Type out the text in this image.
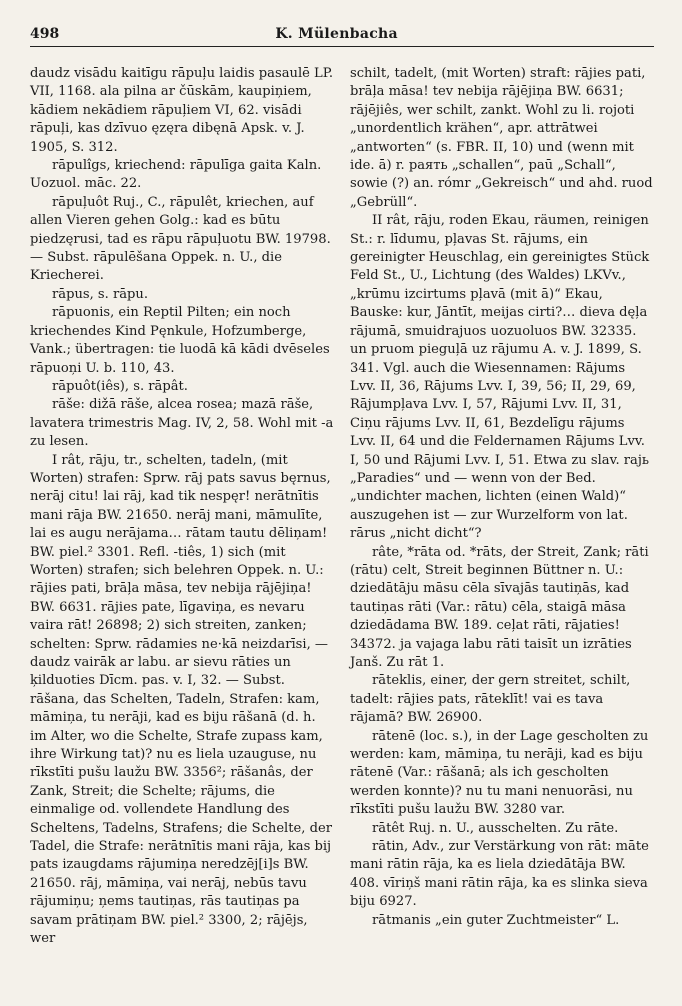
498	K. Mülenbacha

daudz visādu kaitīgu rāpuļu laidis pasaulē LP. VII, 1168. ala pilna ar čūskām, kaupiņiem, kādiem nekādiem rāpuļiem VI, 62. visādi rāpuļi, kas dzīvuo ęzęra dibęnā Apsk. v. J. 1905, S. 312.

rāpulîgs, kriechend: rāpulīga gaita Kaln. Uozuol. māc. 22.

rāpuļuôt Ruj., C., rāpulêt, kriechen, auf allen Vieren gehen Golg.: kad es būtu piedzęrusi, tad es rāpu rāpuļuotu BW. 19798. — Subst. rāpulēšana Oppek. n. U., die Kriecherei.

rāpus, s. rāpu.

rāpuonis, ein Reptil Pilten; ein noch kriechendes Kind Pęnkule, Hofzumberge, Vank.; übertragen: tie luodā kā kādi dvēseles rāpuoņi U. b. 110, 43.

rāpuôt(iês), s. rāpât.

rāše: dižā rāše, alcea rosea; mazā rāše, lavatera trimestris Mag. IV, 2, 58. Wohl mit -a zu lesen.

I rât, rāju, tr., schelten, tadeln, (mit Worten) strafen: Sprw. rāj pats savus bęrnus, nerāj citu! lai rāj, kad tik nespęr! nerātnītis mani rāja BW. 21650. nerāj mani, māmulīte, lai es augu nerājama… rātam tautu dēliņam! BW. piel.² 3301. Refl. -tiês, 1) sich (mit Worten) strafen; sich belehren Oppek. n. U.: rājies pati, brāļa māsa, tev nebija rājējiņa! BW. 6631. rājies pate, līgaviņa, es nevaru vaira rāt! 26898; 2) sich streiten, zanken; schelten: Sprw. rādamies ne·kā neizdarīsi, — daudz vairāk ar labu. ar sievu rāties un ķilduoties Dīcm. pas. v. I, 32. — Subst. rāšana, das Schelten, Tadeln, Strafen: kam, māmiņa, tu nerāji, kad es biju rāšanā (d. h. im Alter, wo die Schelte, Strafe zupass kam, ihre Wirkung tat)? nu es liela uzauguse, nu rīkstīti pušu laužu BW. 3356²; rāšanâs, der Zank, Streit; die Schelte; rājums, die einmalige od. vollendete Handlung des Scheltens, Tadelns, Strafens; die Schelte, der Tadel, die Strafe: nerātnītis mani rāja, kas bij pats izaugdams rājumiņa neredzēj[i]s BW. 21650. rāj, māmiņa, vai nerāj, nebūs tavu rājumiņu; ņems tautiņas, rās tautiņas pa savam prātiņam BW. piel.² 3300, 2; rājējs, wer

schilt, tadelt, (mit Worten) straft: rājies pati, brāļa māsa! tev nebija rājējiņa BW. 6631; rājējiês, wer schilt, zankt. Wohl zu li. rojoti „unordentlich krähen“, apr. attrātwei „antworten“ (s. FBR. II, 10) und (wenn mit ide. ā) r. раять „schallen“, paū „Schall“, sowie (?) an. rómr „Gekreisch“ und ahd. ruod „Gebrüll“.

II rât, rāju, roden Ekau, räumen, reinigen St.: r. līdumu, pļavas St. rājums, ein gereinigter Heuschlag, ein gereinigtes Stück Feld St., U., Lichtung (des Waldes) LKVv., „krūmu izcirtums pļavā (mit ā)“ Ekau, Bauske: kur, Jāntīt, meijas cirti?… dieva dęļa rājumā, smuidrajuos uozuoluos BW. 32335. un pruom pieguļā uz rājumu A. v. J. 1899, S. 341. Vgl. auch die Wiesennamen: Rājums Lvv. II, 36, Rājums Lvv. I, 39, 56; II, 29, 69, Rājumpļava Lvv. I, 57, Rājumi Lvv. II, 31, Ciņu rājums Lvv. II, 61, Bezdelīgu rājums Lvv. II, 64 und die Feldernamen Rājums Lvv. I, 50 und Rājumi Lvv. I, 51. Etwa zu slav. rajь „Paradies“ und — wenn von der Bed. „undichter machen, lichten (einen Wald)“ auszugehen ist — zur Wurzelform von lat. rārus „nicht dicht“?

râte, *rāta od. *rāts, der Streit, Zank; rāti (rātu) celt, Streit beginnen Büttner n. U.: dziedātāju māsu cēla sīvajās tautiņās, kad tautiņas rāti (Var.: rātu) cēla, staigā māsa dziedādama BW. 189. ceļat rāti, rājaties! 34372. ja vajaga labu rāti taisīt un izrāties Janš. Zu rāt 1.

rāteklis, einer, der gern streitet, schilt, tadelt: rājies pats, rāteklīt! vai es tava rājamā? BW. 26900.

rātenē (loc. s.), in der Lage gescholten zu werden: kam, māmiņa, tu nerāji, kad es biju rātenē (Var.: rāšanā; als ich gescholten werden konnte)? nu tu mani nenuorāsi, nu rīkstīti pušu laužu BW. 3280 var.

rātêt Ruj. n. U., ausschelten. Zu rāte.

rātin, Adv., zur Verstärkung von rāt: māte mani rātin rāja, ka es liela dziedātāja BW. 408. vīriņš mani rātin rāja, ka es slinka sieva biju 6927.

rātmanis „ein guter Zuchtmeister“ L.
